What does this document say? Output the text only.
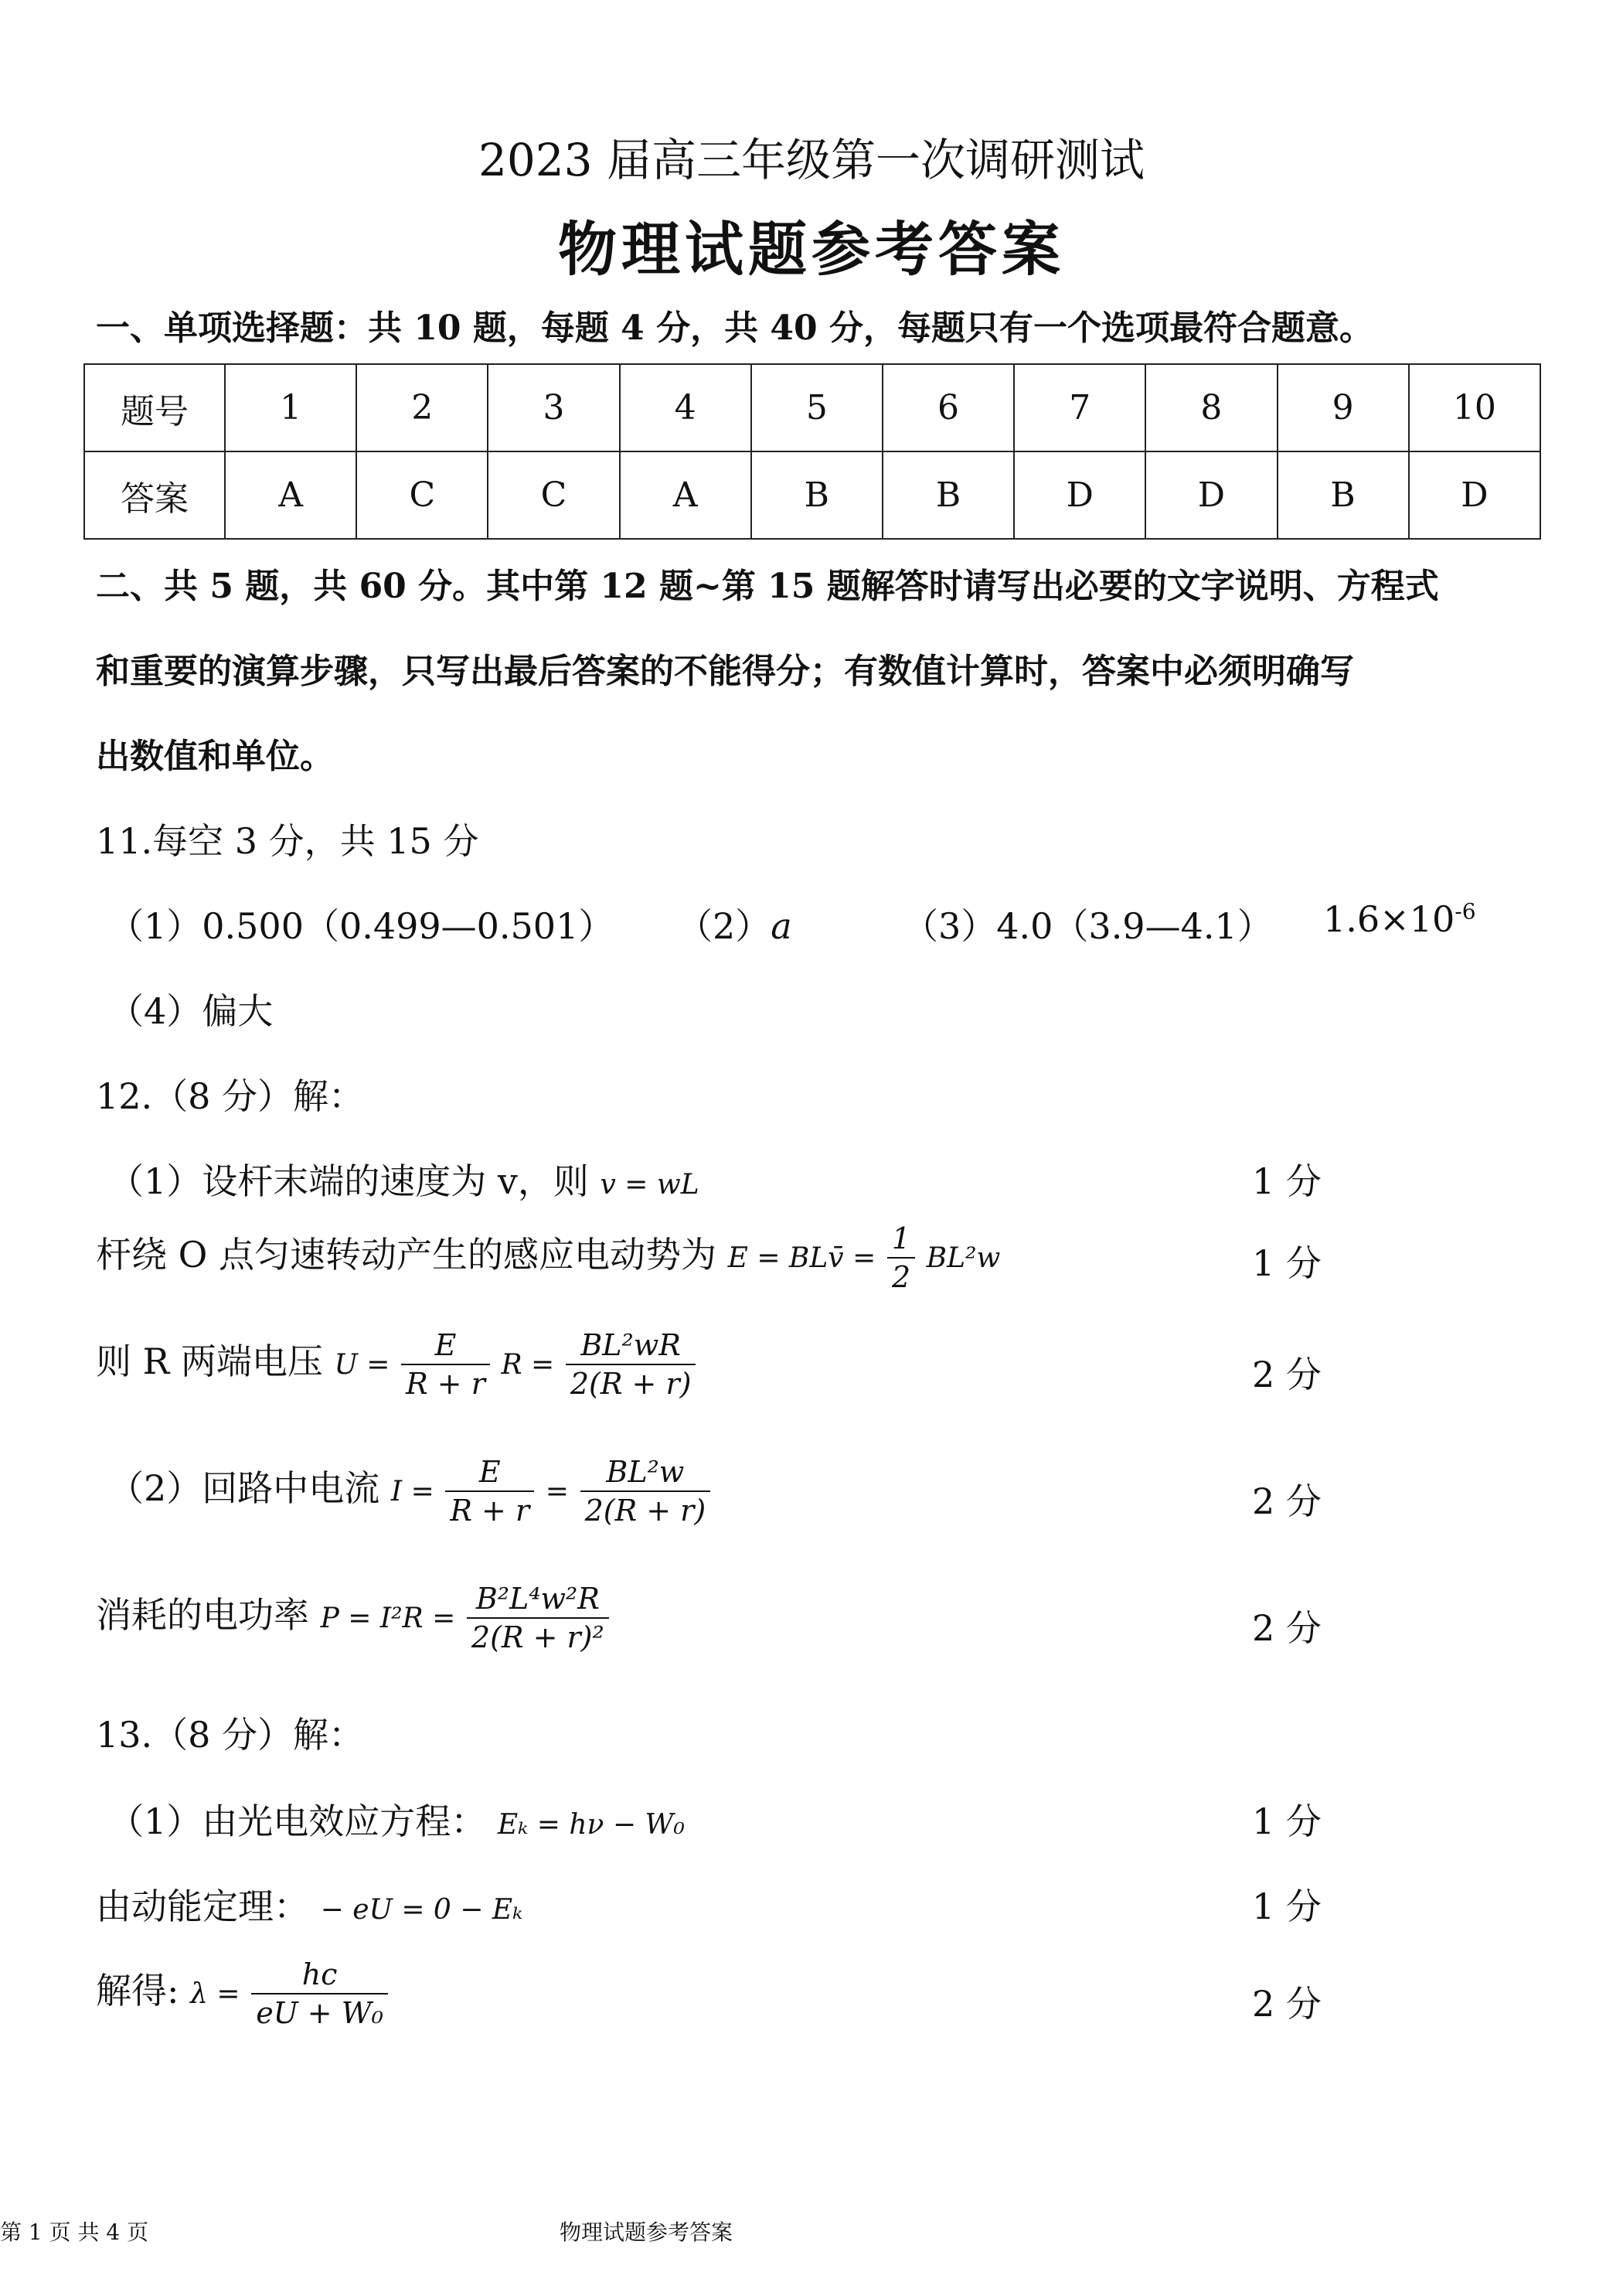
2023 届高三年级第一次调研测试
物理试题参考答案
一、单项选择题：共 10 题，每题 4 分，共 40 分，每题只有一个选项最符合题意。
题号	1	2	3	4	5	6	7	8	9	10
答案	A	C	C	A	B	B	D	D	B	D
二、共 5 题，共 60 分。其中第 12 题~第 15 题解答时请写出必要的文字说明、方程式
和重要的演算步骤，只写出最后答案的不能得分；有数值计算时，答案中必须明确写
出数值和单位。
11.每空 3 分，共 15 分
（1）0.500（0.499—0.501） （2）a	（3）4.0（3.9—4.1） $1.6\times 10^{-6}$
（4）偏大
12.（8 分）解：
（1）设杆末端的速度为 v，则 v = wL	1 分
杆绕 O 点匀速转动产生的感应电动势为 E = BLv̄ = $\frac{1}{2} BL^2w$	1 分
则 R 两端电压 $U = \frac{E}{R + r}$ $R = \frac{\text{BL²wR}}{2(R + r)}$	2 分
（2）回路中电流 $I = \frac{E}{R + r} = \frac{\text{BL²w}}{2(R + r)}$	2 分
消耗的电功率 $P = I^2R = \frac{\text{B²L⁴w²R}}{\text{2(R + r)²}}$	2 分
13.（8 分）解：
（1）由光电效应方程： Eₖ = hν − W₀	1 分
由动能定理： − eU = 0 − Eₖ	1 分
解得: $\lambda = \frac{hc}{\text{eU + W₀}}$	2 分
物理试题参考答案
第 1 页 共 4 页
